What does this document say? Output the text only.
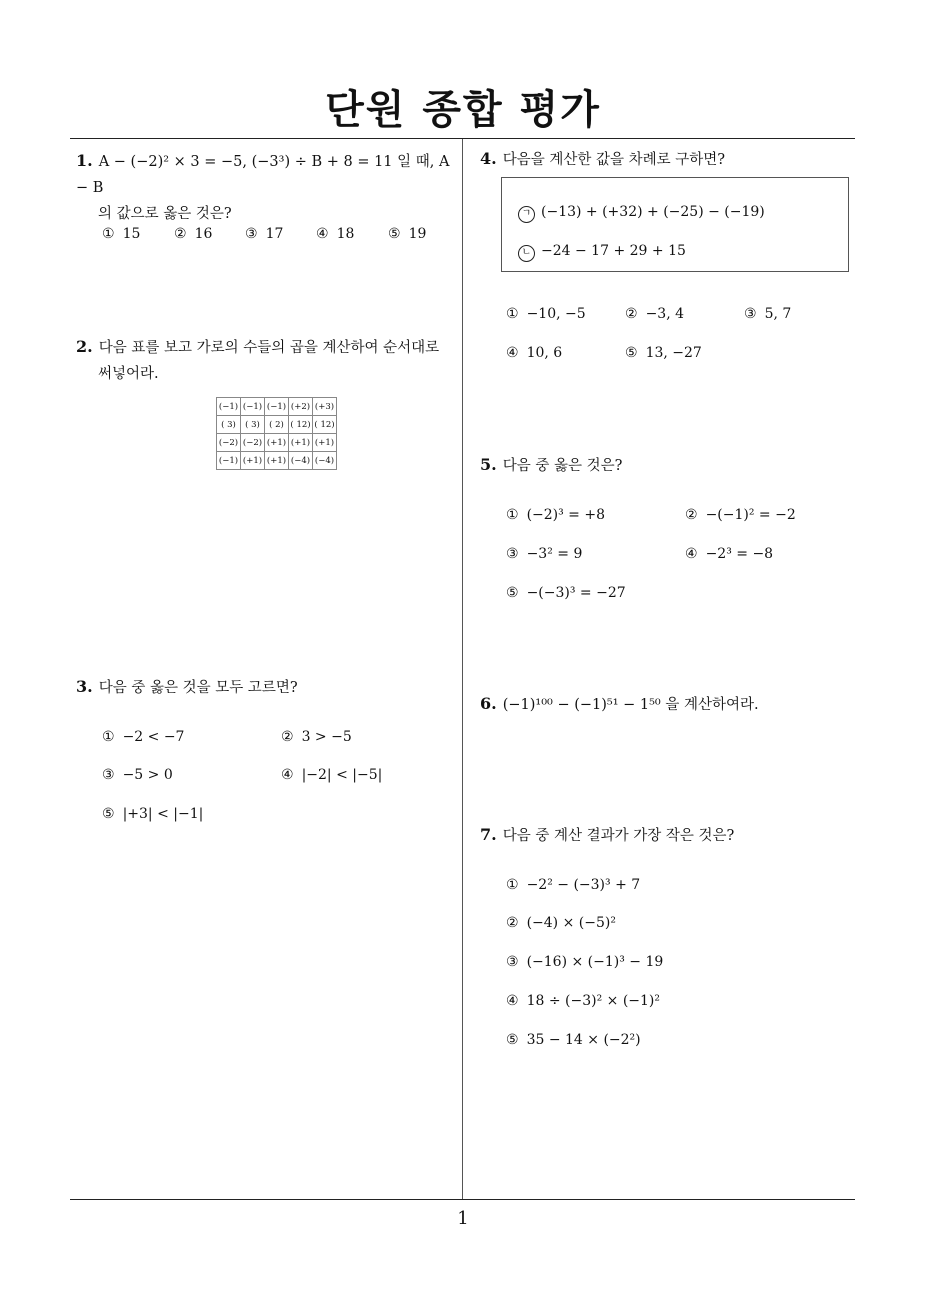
단원 종합 평가
1. A − (−2)² × 3 = −5, (−3³) ÷ B + 8 = 11 일 때, A − B
의 값으로 옳은 것은?
① 15 ② 16 ③ 17 ④ 18 ⑤ 19
2. 다음 표를 보고 가로의 수들의 곱을 계산하여 순서대로
써넣어라.
(−1)	(−1)	(−1)	(+2)	(+3)
( 3)	( 3)	( 2)	( 12)	( 12)
(−2)	(−2)	(+1)	(+1)	(+1)
(−1)	(+1)	(+1)	(−4)	(−4)
3. 다음 중 옳은 것을 모두 고르면?
① −2 < −7	② 3 > −5
③ −5 > 0	④ |−2| < |−5|
⑤ |+3| < |−1|
4. 다음을 계산한 값을 차례로 구하면?
ㄱ (−13) + (+32) + (−25) − (−19)
ㄴ −24 − 17 + 29 + 15
① −10, −5	② −3, 4	③ 5, 7
④ 10, 6	⑤ 13, −27
5. 다음 중 옳은 것은?
① (−2)³ = +8	② −(−1)² = −2
③ −3² = 9	④ −2³ = −8
⑤ −(−3)³ = −27
6. (−1)¹⁰⁰ − (−1)⁵¹ − 1⁵⁰ 을 계산하여라.
7. 다음 중 계산 결과가 가장 작은 것은?
① −2² − (−3)³ + 7
② (−4) × (−5)²
③ (−16) × (−1)³ − 19
④ 18 ÷ (−3)² × (−1)²
⑤ 35 − 14 × (−2²)
1
